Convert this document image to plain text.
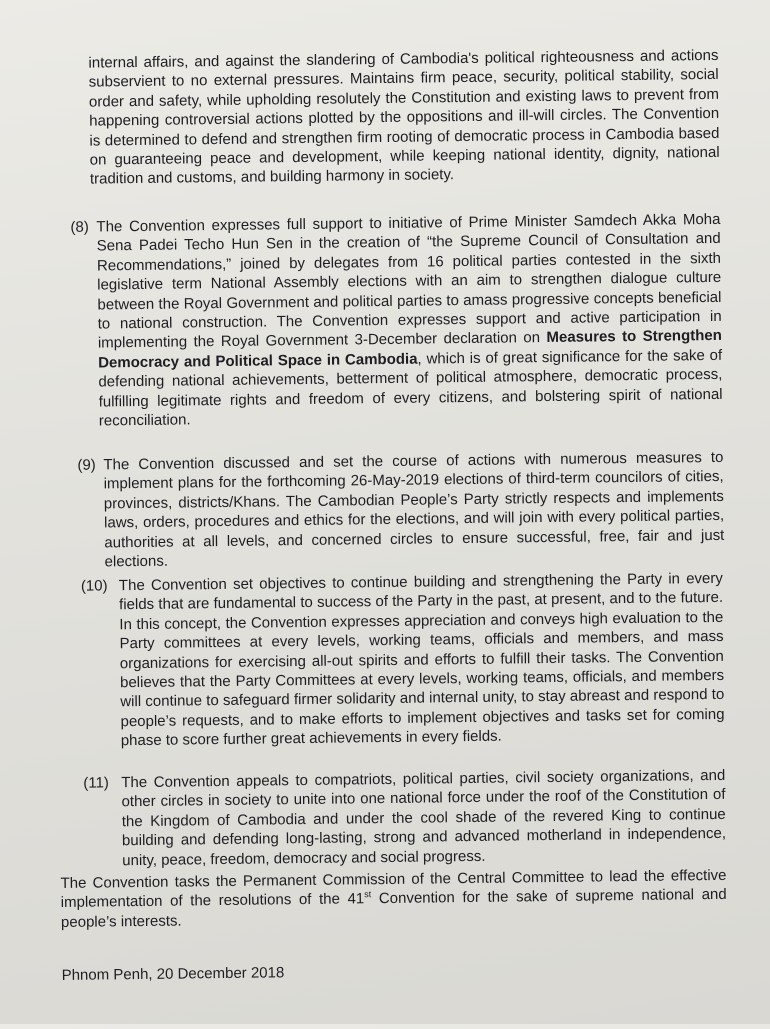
internal affairs, and against the slandering of Cambodia's political righteousness and actions subservient to no external pressures. Maintains firm peace, security, political stability, social order and safety, while upholding resolutely the Constitution and existing laws to prevent from happening controversial actions plotted by the oppositions and ill-will circles. The Convention is determined to defend and strengthen firm rooting of democratic process in Cambodia based on guaranteeing peace and development, while keeping national identity, dignity, national tradition and customs, and building harmony in society.

(8) The Convention expresses full support to initiative of Prime Minister Samdech Akka Moha Sena Padei Techo Hun Sen in the creation of “the Supreme Council of Consultation and Recommendations,” joined by delegates from 16 political parties contested in the sixth legislative term National Assembly elections with an aim to strengthen dialogue culture between the Royal Government and political parties to amass progressive concepts beneficial to national construction. The Convention expresses support and active participation in implementing the Royal Government 3-December declaration on Measures to Strengthen Democracy and Political Space in Cambodia, which is of great significance for the sake of defending national achievements, betterment of political atmosphere, democratic process, fulfilling legitimate rights and freedom of every citizens, and bolstering spirit of national reconciliation.

(9) The Convention discussed and set the course of actions with numerous measures to implement plans for the forthcoming 26-May-2019 elections of third-term councilors of cities, provinces, districts/Khans. The Cambodian People’s Party strictly respects and implements laws, orders, procedures and ethics for the elections, and will join with every political parties, authorities at all levels, and concerned circles to ensure successful, free, fair and just elections.

(10) The Convention set objectives to continue building and strengthening the Party in every fields that are fundamental to success of the Party in the past, at present, and to the future. In this concept, the Convention expresses appreciation and conveys high evaluation to the Party committees at every levels, working teams, officials and members, and mass organizations for exercising all-out spirits and efforts to fulfill their tasks. The Convention believes that the Party Committees at every levels, working teams, officials, and members will continue to safeguard firmer solidarity and internal unity, to stay abreast and respond to people’s requests, and to make efforts to implement objectives and tasks set for coming phase to score further great achievements in every fields.

(11) The Convention appeals to compatriots, political parties, civil society organizations, and other circles in society to unite into one national force under the roof of the Constitution of the Kingdom of Cambodia and under the cool shade of the revered King to continue building and defending long-lasting, strong and advanced motherland in independence, unity, peace, freedom, democracy and social progress.

The Convention tasks the Permanent Commission of the Central Committee to lead the effective implementation of the resolutions of the 41st Convention for the sake of supreme national and people’s interests.

Phnom Penh, 20 December 2018
